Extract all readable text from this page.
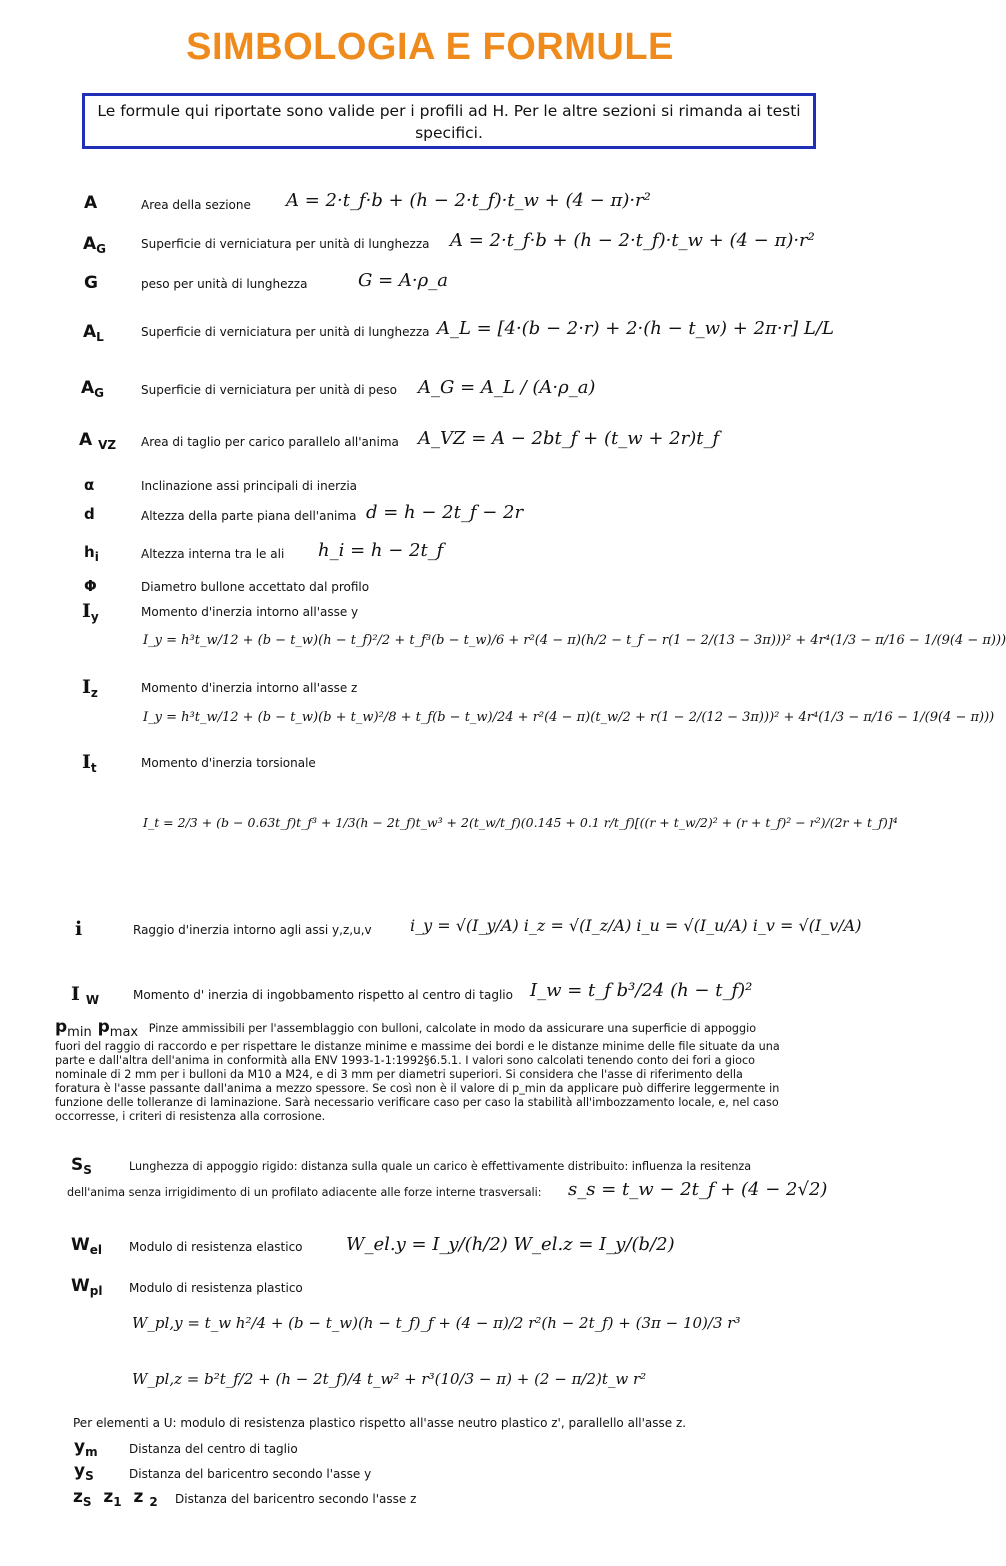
SIMBOLOGIA E FORMULE
Le formule qui riportate sono valide per i profili ad H. Per le altre sezioni si rimanda ai testi specifici.
A	Area della sezione A = 2·t_f·b + (h − 2·t_f)·t_w + (4 − π)·r²
$A_G$	Superficie di verniciatura per unità di lunghezza A = 2·t_f·b + (h − 2·t_f)·t_w + (4 − π)·r²
G	peso per unità di lunghezza	G = A·ρ_a
$A_L$	Superficie di verniciatura per unità di lunghezza A_L = [4·(b − 2·r) + 2·(h − t_w) + 2π·r] L/L
$A_G$	Superficie di verniciatura per unità di peso A_G = A_L / (A·ρ_a)
A $_{VZ}$ Area di taglio per carico parallelo all'anima A_VZ = A − 2bt_f + (t_w + 2r)t_f
α	Inclinazione assi principali di inerzia
d	Altezza della parte piana dell'anima d = h − 2t_f − 2r
$h_i$	Altezza interna tra le ali h_i = h − 2t_f
Φ	Diametro bullone accettato dal profilo
$I_y$	Momento d'inerzia intorno all'asse y
I_y = h³t_w/12 + (b − t_w)(h − t_f)²/2 + t_f³(b − t_w)/6 + r²(4 − π)(h/2 − t_f − r(1 − 2/(13 − 3π)))² + 4r⁴(1/3 − π/16 − 1/(9(4 − π)))
$I_z$	Momento d'inerzia intorno all'asse z
I_y = h³t_w/12 + (b − t_w)(b + t_w)²/8 + t_f(b − t_w)/24 + r²(4 − π)(t_w/2 + r(1 − 2/(12 − 3π)))² + 4r⁴(1/3 − π/16 − 1/(9(4 − π)))
$I_t$	Momento d'inerzia torsionale
I_t = 2/3 + (b − 0.63t_f)t_f³ + 1/3(h − 2t_f)t_w³ + 2(t_w/t_f)(0.145 + 0.1 r/t_f)[((r + t_w/2)² + (r + t_f)² − r²)/(2r + t_f)]⁴
i	Raggio d'inerzia intorno agli assi y,z,u,v i_y = √(I_y/A) i_z = √(I_z/A) i_u = √(I_u/A) i_v = √(I_v/A)
I $_W$	Momento d' inerzia di ingobbamento rispetto al centro di taglio I_w = t_f b³/24 (h − t_f)²
$p_{min}$ $p_{max}$ Pinze ammissibili per l'assemblaggio con bulloni, calcolate in modo da assicurare una superficie di appoggio fuori del raggio di raccordo e per rispettare le distanze minime e massime dei bordi e le distanze minime delle file situate da una parte e dall'altra dell'anima in conformità alla ENV 1993-1-1:1992§6.5.1. I valori sono calcolati tenendo conto dei fori a gioco nominale di 2 mm per i bulloni da M10 a M24, e di 3 mm per diametri superiori. Si considera che l'asse di riferimento della foratura è l'asse passante dall'anima a mezzo spessore. Se così non è il valore di p_min da applicare può differire leggermente in funzione delle tolleranze di laminazione. Sarà necessario verificare caso per caso la stabilità all'imbozzamento locale, e, nel caso occorresse, i criteri di resistenza alla corrosione.
$S_S$	Lunghezza di appoggio rigido: distanza sulla quale un carico è effettivamente distribuito: influenza la resitenza
dell'anima senza irrigidimento di un profilato adiacente alle forze interne trasversali: s_s = t_w − 2t_f + (4 − 2√2)
$W_{el}$ Modulo di resistenza elastico W_el.y = I_y/(h/2) W_el.z = I_y/(b/2)
$W_{pl}$ Modulo di resistenza plastico
W_pl,y = t_w h²/4 + (b − t_w)(h − t_f)_f + (4 − π)/2 r²(h − 2t_f) + (3π − 10)/3 r³
W_pl,z = b²t_f/2 + (h − 2t_f)/4 t_w² + r³(10/3 − π) + (2 − π/2)t_w r²
Per elementi a U: modulo di resistenza plastico rispetto all'asse neutro plastico z', parallello all'asse z.
$y_m$	Distanza del centro di taglio
$y_S$	Distanza del baricentro secondo l'asse y
$z_S$  $z_1$  z $_2$ Distanza del baricentro secondo l'asse z
